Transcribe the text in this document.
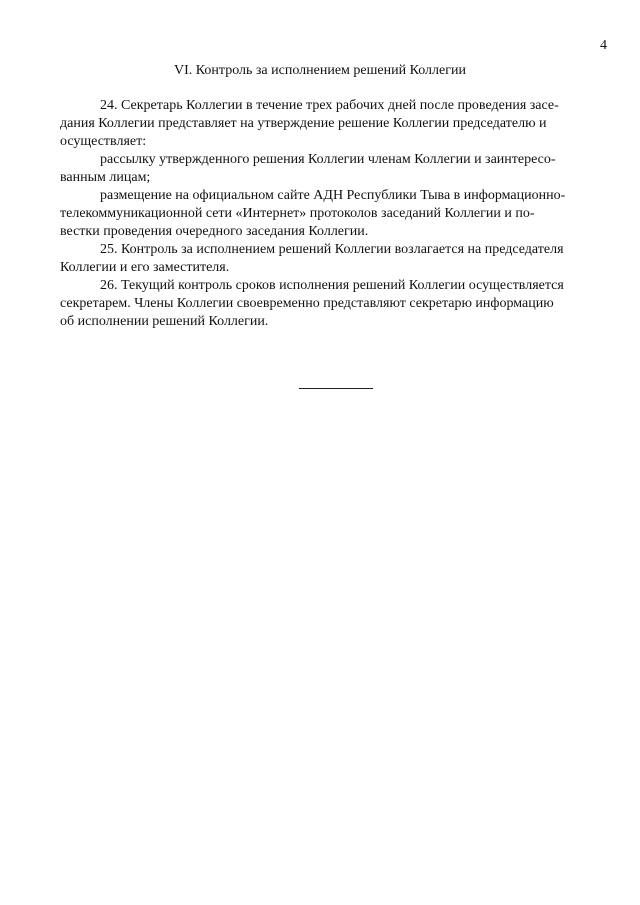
4
VI. Контроль за исполнением решений Коллегии

24. Секретарь Коллегии в течение трех рабочих дней после проведения засе-
дания Коллегии представляет на утверждение решение Коллегии председателю и
осуществляет:

рассылку утвержденного решения Коллегии членам Коллегии и заинтересо-
ванным лицам;

размещение на официальном сайте АДН Республики Тыва в информационно-
телекоммуникационной сети «Интернет» протоколов заседаний Коллегии и по-
вестки проведения очередного заседания Коллегии.

25. Контроль за исполнением решений Коллегии возлагается на председателя
Коллегии и его заместителя.

26. Текущий контроль сроков исполнения решений Коллегии осуществляется
секретарем. Члены Коллегии своевременно представляют секретарю информацию
об исполнении решений Коллегии.
